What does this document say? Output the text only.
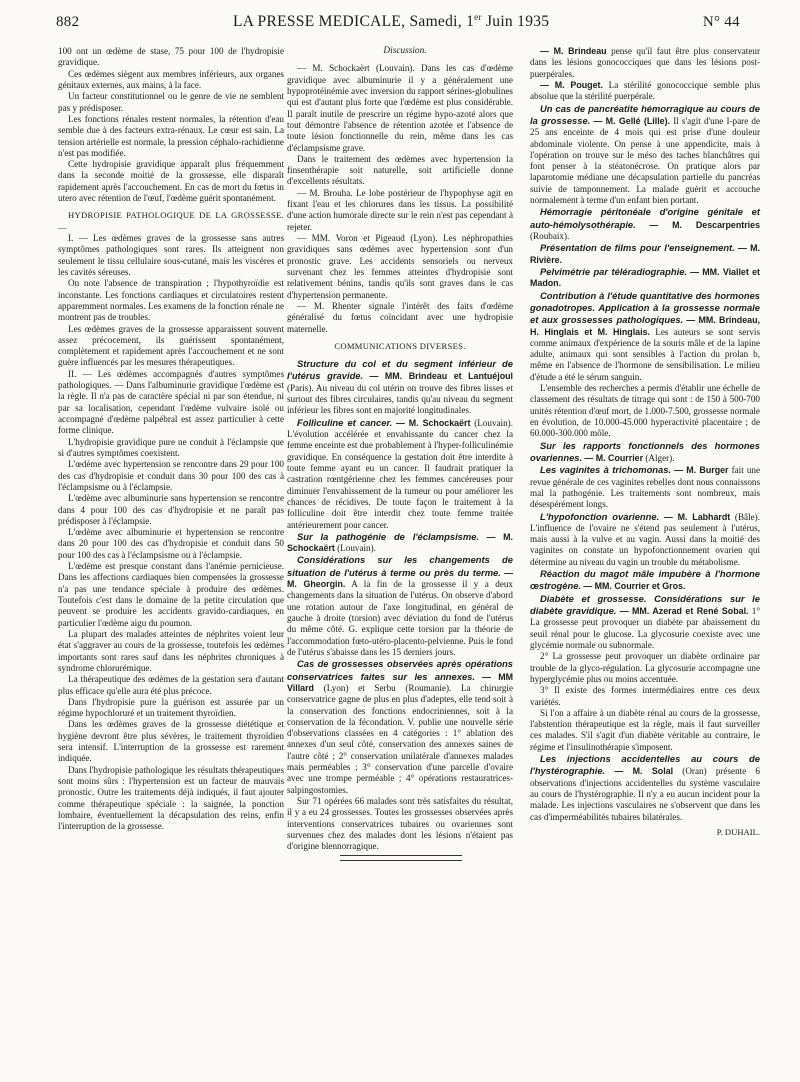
882	LA PRESSE MEDICALE, Samedi, 1er Juin 1935	N° 44

100 ont un œdème de stase, 75 pour 100 de l'hydropisie gravidique.

Ces œdèmes siègent aux membres inférieurs, aux organes génitaux externes, aux mains, à la face.

Un facteur constitutionnel ou le genre de vie ne semblent pas y prédisposer.

Les fonctions rénales restent normales, la rétention d'eau semble due à des facteurs extra-rénaux. Le cœur est sain. La tension artérielle est normale, la pression céphalo-rachidienne n'est pas modifiée.

Cette hydropisie gravidique apparaît plus fréquemment dans la seconde moitié de la grossesse, elle disparaît rapidement après l'accouchement. En cas de mort du fœtus in utero avec rétention de l'œuf, l'œdème guérit spontanément.

HYDROPISIE PATHOLOGIQUE DE LA GROSSESSE. —

I. — Les œdèmes graves de la grossesse sans autres symptômes pathologiques sont rares. Ils atteignent non seulement le tissu cellulaire sous-cutané, mais les viscères et les cavités séreuses.

On note l'absence de transpiration ; l'hypothyroïdie est inconstante. Les fonctions cardiaques et circulatoires restent apparemment normales. Les examens de la fonction rénale ne montrent pas de troubles.

Les œdèmes graves de la grossesse apparaissent souvent assez précocement, ils guérissent spontanément, complètement et rapidement après l'accouchement et ne sont guère influencés par les mesures thérapeutiques.

II. — Les œdèmes accompagnés d'autres symptômes pathologiques. — Dans l'albuminurie gravidique l'œdème est la règle. Il n'a pas de caractère spécial ni par son étendue, ni par sa localisation, cependant l'œdème vulvaire isolé ou accompagné d'œdème palpébral est assez particulier à cette forme clinique.

L'hydropisie gravidique pure ne conduit à l'éclampsie que si d'autres symptômes coexistent.

L'œdème avec hypertension se rencontre dans 29 pour 100 des cas d'hydropisie et conduit dans 30 pour 100 des cas à l'éclampsisme ou à l'éclampsie.

L'œdème avec albuminurie sans hypertension se rencontre dans 4 pour 100 des cas d'hydropisie et ne paraît pas prédisposer à l'éclampsie.

L'œdème avec albuminurie et hypertension se rencontre dans 20 pour 100 des cas d'hydropisie et conduit dans 50 pour 100 des cas à l'éclampsisme ou à l'éclampsie.

L'œdème est presque constant dans l'anémie pernicieuse. Dans les affections cardiaques bien compensées la grossesse n'a pas une tendance spéciale à produire des œdèmes. Toutefois c'est dans le domaine de la petite circulation que peuvent se produire les accidents gravido-cardiaques, en particulier l'œdème aigu du poumon.

La plupart des malades atteintes de néphrites voient leur état s'aggraver au cours de la grossesse, toutefois les œdèmes importants sont rares sauf dans les néphrites chroniques à syndrome chlorurémique.

La thérapeutique des œdèmes de la gestation sera d'autant plus efficace qu'elle aura été plus précoce.

Dans l'hydropisie pure la guérison est assurée par un régime hypochloruré et un traitement thyroïdien.

Dans les œdèmes graves de la grossesse diététique et hygiène devront être plus sévères, le traitement thyroïdien sera intensif. L'interruption de la grossesse est rarement indiquée.

Dans l'hydropisie pathologique les résultats thérapeutiques sont moins sûrs : l'hypertension est un facteur de mauvais pronostic. Outre les traitements déjà indiqués, il faut ajouter comme thérapeutique spéciale : la saignée, la ponction lombaire, éventuellement la décapsulation des reins, enfin l'interruption de la grossesse.

Discussion.

— M. Schockaërt (Louvain). Dans les cas d'œdème gravidique avec albuminurie il y a généralement une hypoprotéinémie avec inversion du rapport sérines-globulines qui est d'autant plus forte que l'œdème est plus considérable. Il paraît inutile de prescrire un régime hypo-azoté alors que tout démontre l'absence de rétention azotée et l'absence de toute lésion fonctionnelle du rein, même dans les cas d'éclampsisme grave.

Dans le traitement des œdèmes avec hypertension la finsenthérapie soit naturelle, soit artificielle donne d'excellents résultats.

— M. Brouha. Le lobe postérieur de l'hypophyse agit en fixant l'eau et les chlorures dans les tissus. La possibilité d'une action humorale directe sur le rein n'est pas cependant à rejeter.

— MM. Voron et Pigeaud (Lyon). Les néphropathies gravidiques sans œdèmes avec hypertension sont d'un pronostic grave. Les accidents sensoriels ou nerveux survenant chez les femmes atteintes d'hydropisie sont relativement bénins, tandis qu'ils sont graves dans le cas d'hypertension permanente.

— M. Rhenter signale l'intérêt des faits d'œdème généralisé du fœtus coïncidant avec une hydropisie maternelle.

COMMUNICATIONS DIVERSES.

Structure du col et du segment inférieur de l'utérus gravide. — MM. Brindeau et Lantuéjoul (Paris). Au niveau du col utérin on trouve des fibres lisses et surtout des fibres circulaires, tandis qu'au niveau du segment inférieur les fibres sont en majorité longitudinales.

Folliculine et cancer. — M. Schockaërt (Louvain). L'évolution accélérée et envahissante du cancer chez la femme enceinte est due probablement à l'hyper-folliculinémie gravidique. En conséquence la gestation doit être interdite à toute femme ayant eu un cancer. Il faudrait pratiquer la castration rœntgérienne chez les femmes cancéreuses pour diminuer l'envahissement de la tumeur ou pour améliorer les chances de récidives. De toute façon le traitement à la folliculine doit être interdit chez toute femme traitée antérieurement pour cancer.

Sur la pathogénie de l'éclampsisme. — M. Schockaërt (Louvain).

Considérations sur les changements de situation de l'utérus à terme ou près du terme. — M. Gheorgin. A la fin de la grossesse il y a deux changements dans la situation de l'utérus. On observe d'abord une rotation autour de l'axe longitudinal, en général de gauche à droite (torsion) avec déviation du fond de l'utérus du même côté. G. explique cette torsion par la théorie de l'accommodation fœto-utéro-placento-pelvienne. Puis le fond de l'utérus s'abaisse dans les 15 derniers jours.

Cas de grossesses observées après opérations conservatrices faites sur les annexes. — MM Villard (Lyon) et Serbu (Roumanie). La chirurgie conservatrice gagne de plus en plus d'adeptes, elle tend soit à la conservation des fonctions endocriniennes, soit à la conservation de la fécondation. V. publie une nouvelle série d'observations classées en 4 catégories : 1° ablation des annexes d'un seul côté, conservation des annexes saines de l'autre côté ; 2° conservation unilatérale d'annexes malades mais perméables ; 3° conservation d'une parcelle d'ovaire avec une trompe perméable ; 4° opérations restauratrices-salpingostomies.

Sur 71 opérées 66 malades sont très satisfaites du résultat, il y a eu 24 grossesses. Toutes les grossesses observées après interventions conservatrices tubaires ou ovariennes sont survenues chez des malades dont les lésions n'étaient pas d'origine blennorragique.

— M. Brindeau pense qu'il faut être plus conservateur dans les lésions gonococciques que dans les lésions post-puerpérales.

— M. Pouget. La stérilité gonococcique semble plus absolue que la stérilité puerpérale.

Un cas de pancréatite hémorragique au cours de la grossesse. — M. Gellé (Lille). Il s'agit d'une I-pare de 25 ans enceinte de 4 mois qui est prise d'une douleur abdominale violente. On pense à une appendicite, mais à l'opération on trouve sur le méso des taches blanchâtres qui font penser à la stéatonécrose. On pratique alors par laparotomie médiane une décapsulation partielle du pancréas suivie de tamponnement. La malade guérit et accouche normalement à terme d'un enfant bien portant.

Hémorragie péritonéale d'origine génitale et auto-hémolysothérapie. — M. Descarpentries (Roubaix).

Présentation de films pour l'enseignement. — M. Rivière.

Pelvimétrie par téléradiographie. — MM. Viallet et Madon.

Contribution à l'étude quantitative des hormones gonadotropes. Application à la grossesse normale et aux grossesses pathologiques. — MM. Brindeau, H. Hinglais et M. Hinglais. Les auteurs se sont servis comme animaux d'expérience de la souris mâle et de la lapine adulte, animaux qui sont sensibles à l'action du prolan b, même en l'absence de l'hormone de sensibilisation. Le milieu d'étude a été le sérum sanguin.

L'ensemble des recherches a permis d'établir une échelle de classement des résultats de titrage qui sont : de 150 à 500-700 unités rétention d'œuf mort, de 1.000-7.500, grossesse normale en évolution, de 10.000-45.000 hyperactivité placentaire ; de 60.000-300.000 môle.

Sur les rapports fonctionnels des hormones ovariennes. — M. Courrier (Alger).

Les vaginites à trichomonas. — M. Burger fait une revue générale de ces vaginites rebelles dont nous connaissons mal la pathogénie. Les traitements sont nombreux, mais désespérément longs.

L'hypofonction ovarienne. — M. Labhardt (Bâle). L'influence de l'ovaire ne s'étend pas seulement à l'utérus, mais aussi à la vulve et au vagin. Aussi dans la moitié des vaginites on constate un hypofonctionnement ovarien qui détermine au niveau du vagin un trouble du métabolisme.

Réaction du magot mâle impubère à l'hormone œstrogène. — MM. Courrier et Gros.

Diabète et grossesse. Considérations sur le diabète gravidique. — MM. Azerad et René Sobal. 1° La grossesse peut provoquer un diabète par abaissement du seuil rénal pour le glucose. La glycosurie coexiste avec une glycémie normale ou subnormale.

2° La grossesse peut provoquer un diabète ordinaire par trouble de la glyco-régulation. La glycosurie accompagne une hyperglycémie plus ou moins accentuée.

3° Il existe des formes intermédiaires entre ces deux variétés.

Si l'on a affaire à un diabète rénal au cours de la grossesse, l'abstention thérapeutique est la règle, mais il faut surveiller ces malades. S'il s'agit d'un diabète véritable au contraire, le régime et l'insulinothérapie s'imposent.

Les injections accidentelles au cours de l'hystérographie. — M. Solal (Oran) présente 6 observations d'injections accidentelles du système vasculaire au cours de l'hystérographie. Il n'y a eu aucun incident pour la malade. Les injections vasculaires ne s'observent que dans les cas d'imperméabilités tubaires bilatérales.

P. DUHAIL.
